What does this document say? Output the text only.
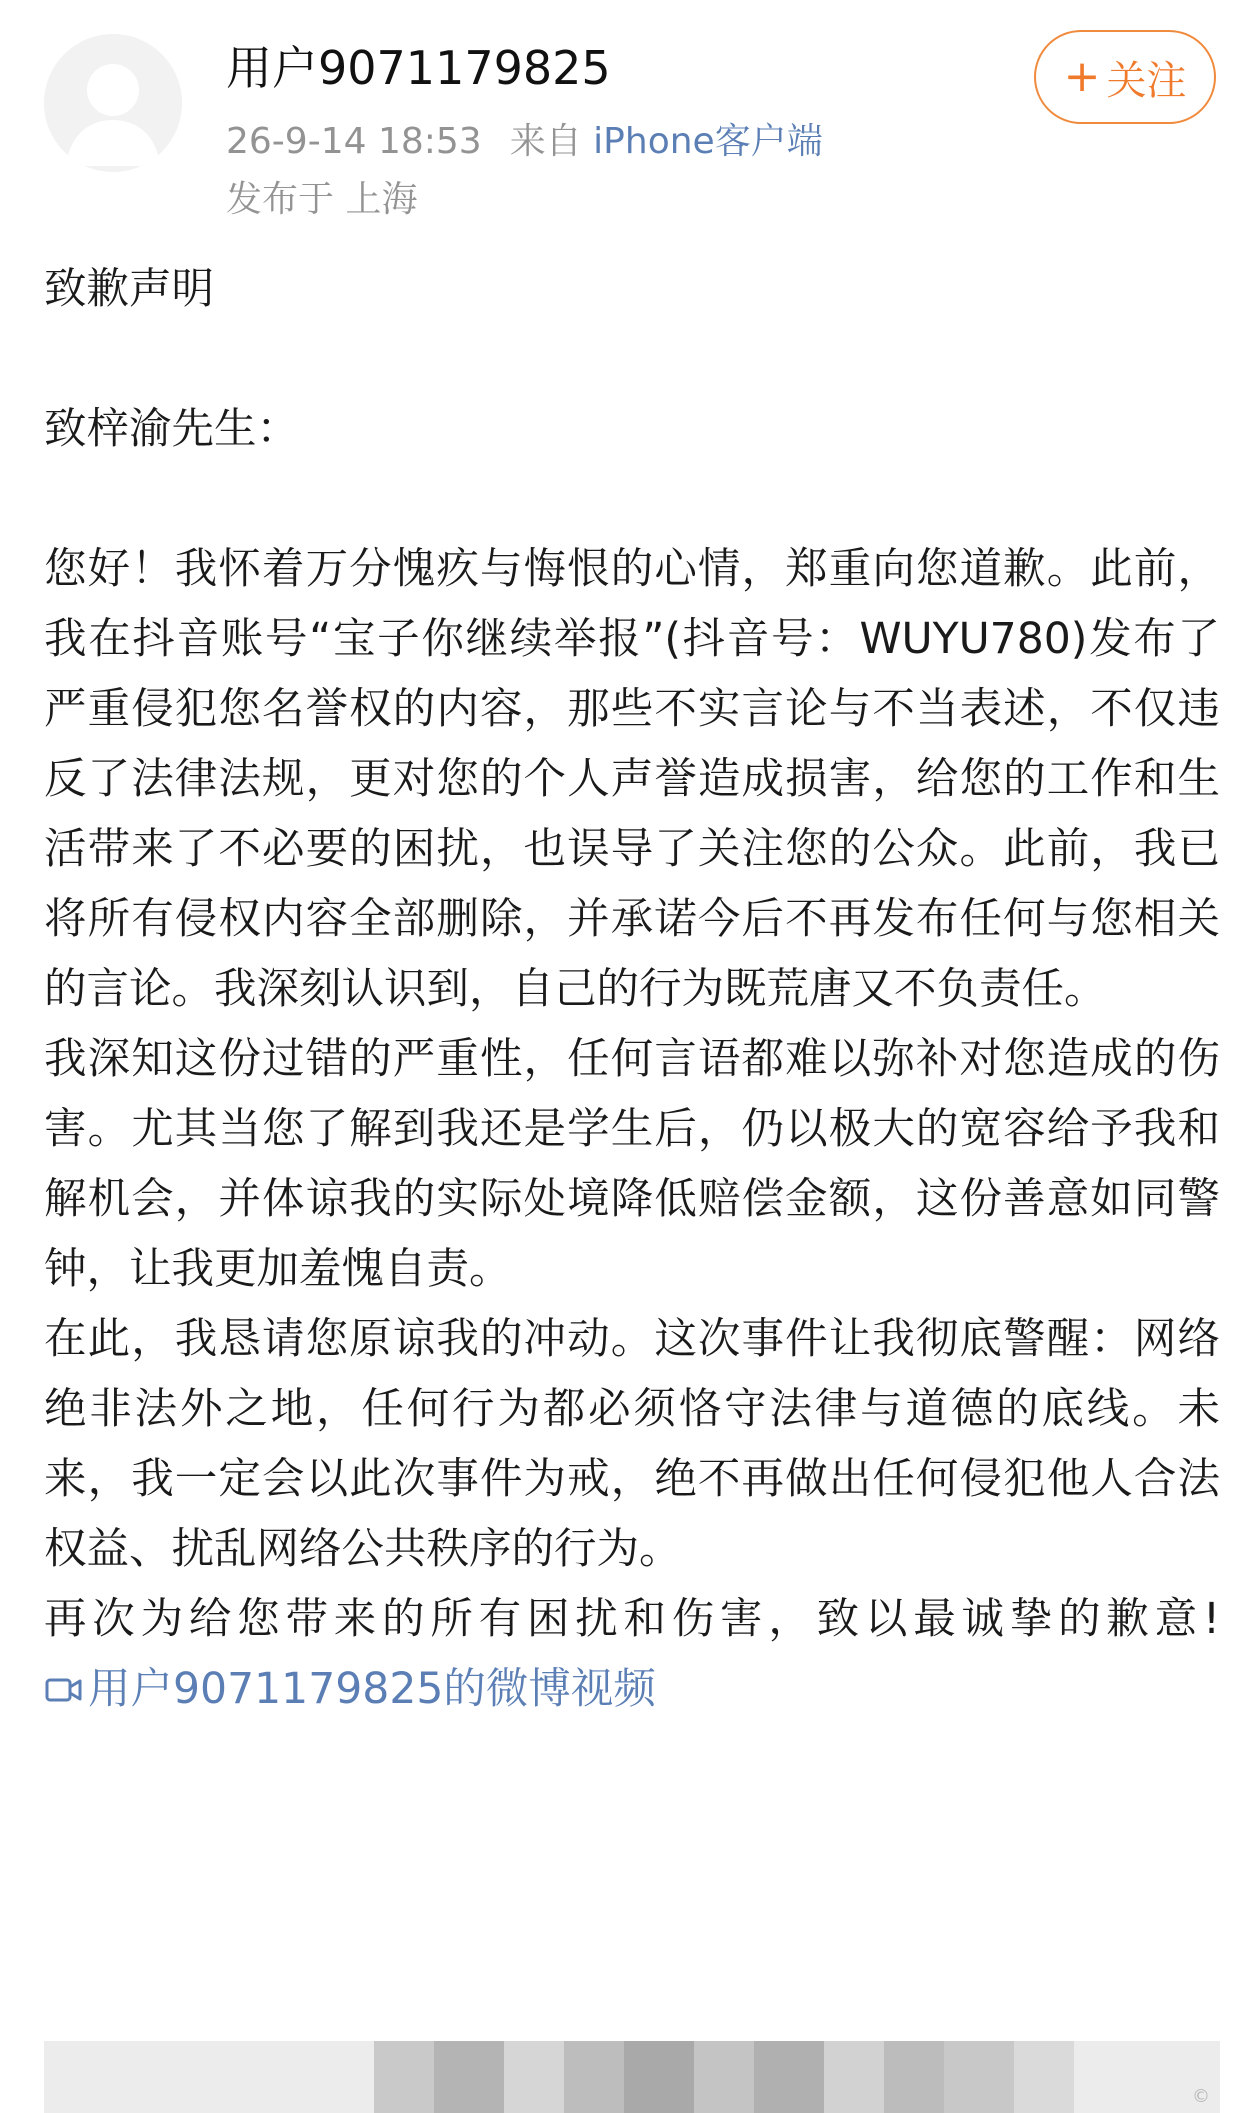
用户9071179825
26-9-14 18:53 来自 iPhone客户端
发布于 上海
+ 关注

致歉声明

致梓渝先生：

您好！我怀着万分愧疚与悔恨的心情，郑重向您道歉。此前，我在抖音账号“宝子你继续举报”(抖音号：WUYU780)发布了严重侵犯您名誉权的内容，那些不实言论与不当表述，不仅违反了法律法规，更对您的个人声誉造成损害，给您的工作和生活带来了不必要的困扰，也误导了关注您的公众。此前，我已将所有侵权内容全部删除，并承诺今后不再发布任何与您相关的言论。我深刻认识到，自己的行为既荒唐又不负责任。

我深知这份过错的严重性，任何言语都难以弥补对您造成的伤害。尤其当您了解到我还是学生后，仍以极大的宽容给予我和解机会，并体谅我的实际处境降低赔偿金额，这份善意如同警钟，让我更加羞愧自责。

在此，我恳请您原谅我的冲动。这次事件让我彻底警醒：网络绝非法外之地，任何行为都必须恪守法律与道德的底线。未来，我一定会以此次事件为戒，绝不再做出任何侵犯他人合法权益、扰乱网络公共秩序的行为。

再次为给您带来的所有困扰和伤害，致以最诚挚的歉意! 用户9071179825的微博视频

©
